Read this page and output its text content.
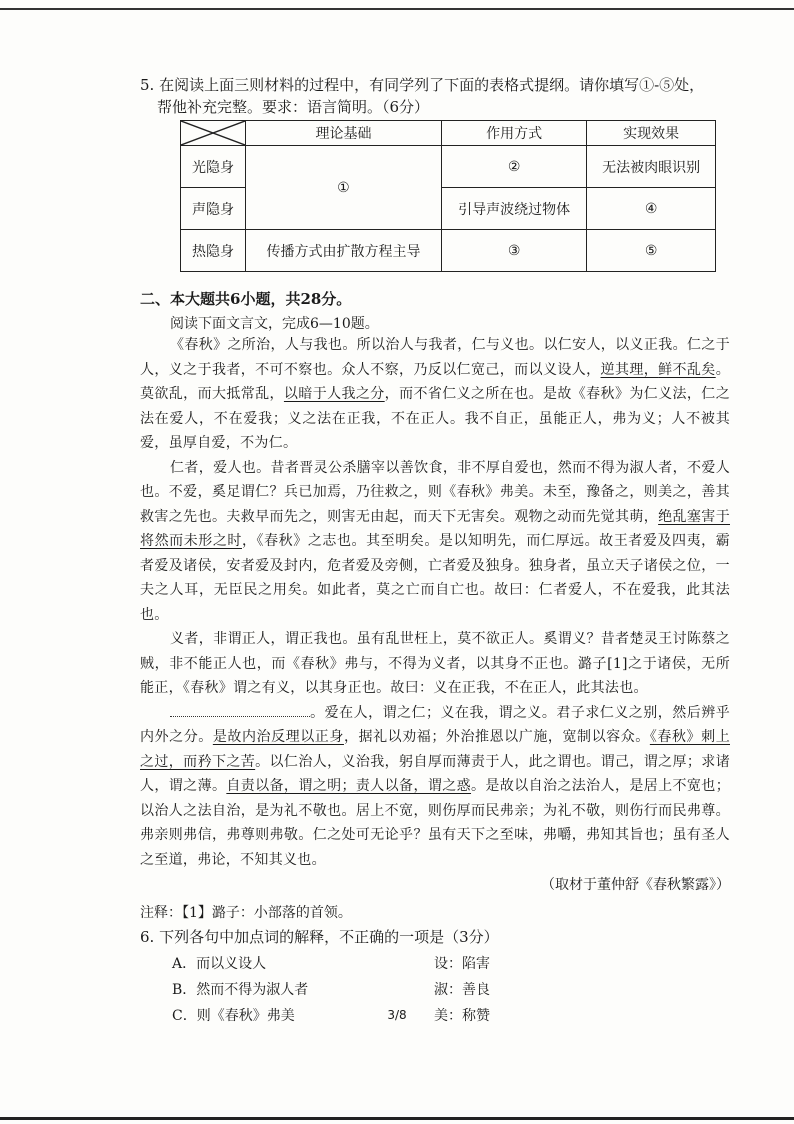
5. 在阅读上面三则材料的过程中，有同学列了下面的表格式提纲。请你填写①-⑤处，
帮他补充完整。要求：语言简明。（6分）

	理论基础	作用方式	实现效果
光隐身	①	②	无法被肉眼识别
声隐身		引导声波绕过物体	④
热隐身	传播方式由扩散方程主导	③	⑤

二、本大题共6小题，共28分。

阅读下面文言文，完成6—10题。

《春秋》之所治，人与我也。所以治人与我者，仁与义也。以仁安人，以义正我。仁之于人，义之于我者，不可不察也。众人不察，乃反以仁宽己，而以义设人，逆其理，鲜不乱矣。莫欲乱，而大抵常乱，以暗于人我之分，而不省仁义之所在也。是故《春秋》为仁义法，仁之法在爱人，不在爱我；义之法在正我，不在正人。我不自正，虽能正人，弗为义；人不被其爱，虽厚自爱，不为仁。

仁者，爱人也。昔者晋灵公杀膳宰以善饮食，非不厚自爱也，然而不得为淑人者，不爱人也。不爱，奚足谓仁？兵已加焉，乃往救之，则《春秋》弗美。未至，豫备之，则美之，善其救害之先也。夫救早而先之，则害无由起，而天下无害矣。观物之动而先觉其萌，绝乱塞害于将然而未形之时，《春秋》之志也。其至明矣。是以知明先，而仁厚远。故王者爱及四夷，霸者爱及诸侯，安者爱及封内，危者爱及旁侧，亡者爱及独身。独身者，虽立天子诸侯之位，一夫之人耳，无臣民之用矣。如此者，莫之亡而自亡也。故曰：仁者爱人，不在爱我，此其法也。

义者，非谓正人，谓正我也。虽有乱世枉上，莫不欲正人。奚谓义？昔者楚灵王讨陈蔡之贼，非不能正人也，而《春秋》弗与，不得为义者，以其身不正也。潞子[1]之于诸侯，无所能正，《春秋》谓之有义，以其身正也。故曰：义在正我，不在正人，此其法也。

。爱在人，谓之仁；义在我，谓之义。君子求仁义之别，然后辨乎内外之分。是故内治反理以正身，据礼以劝福；外治推恩以广施，宽制以容众。《春秋》刺上之过，而矜下之苦。以仁治人，义治我，躬自厚而薄责于人，此之谓也。谓己，谓之厚；求诸人，谓之薄。自责以备，谓之明；责人以备，谓之惑。是故以自治之法治人，是居上不宽也；以治人之法自治，是为礼不敬也。居上不宽，则伤厚而民弗亲；为礼不敬，则伤行而民弗尊。弗亲则弗信，弗尊则弗敬。仁之处可无论乎？虽有天下之至味，弗嚼，弗知其旨也；虽有圣人之至道，弗论，不知其义也。

（取材于董仲舒《春秋繁露》）

注释：【1】潞子：小部落的首领。

6. 下列各句中加点词的解释，不正确的一项是（3分）

A．而以义设人	设：陷害
B．然而不得为淑人者	淑：善良
C．则《春秋》弗美	美：称赞
3/8
